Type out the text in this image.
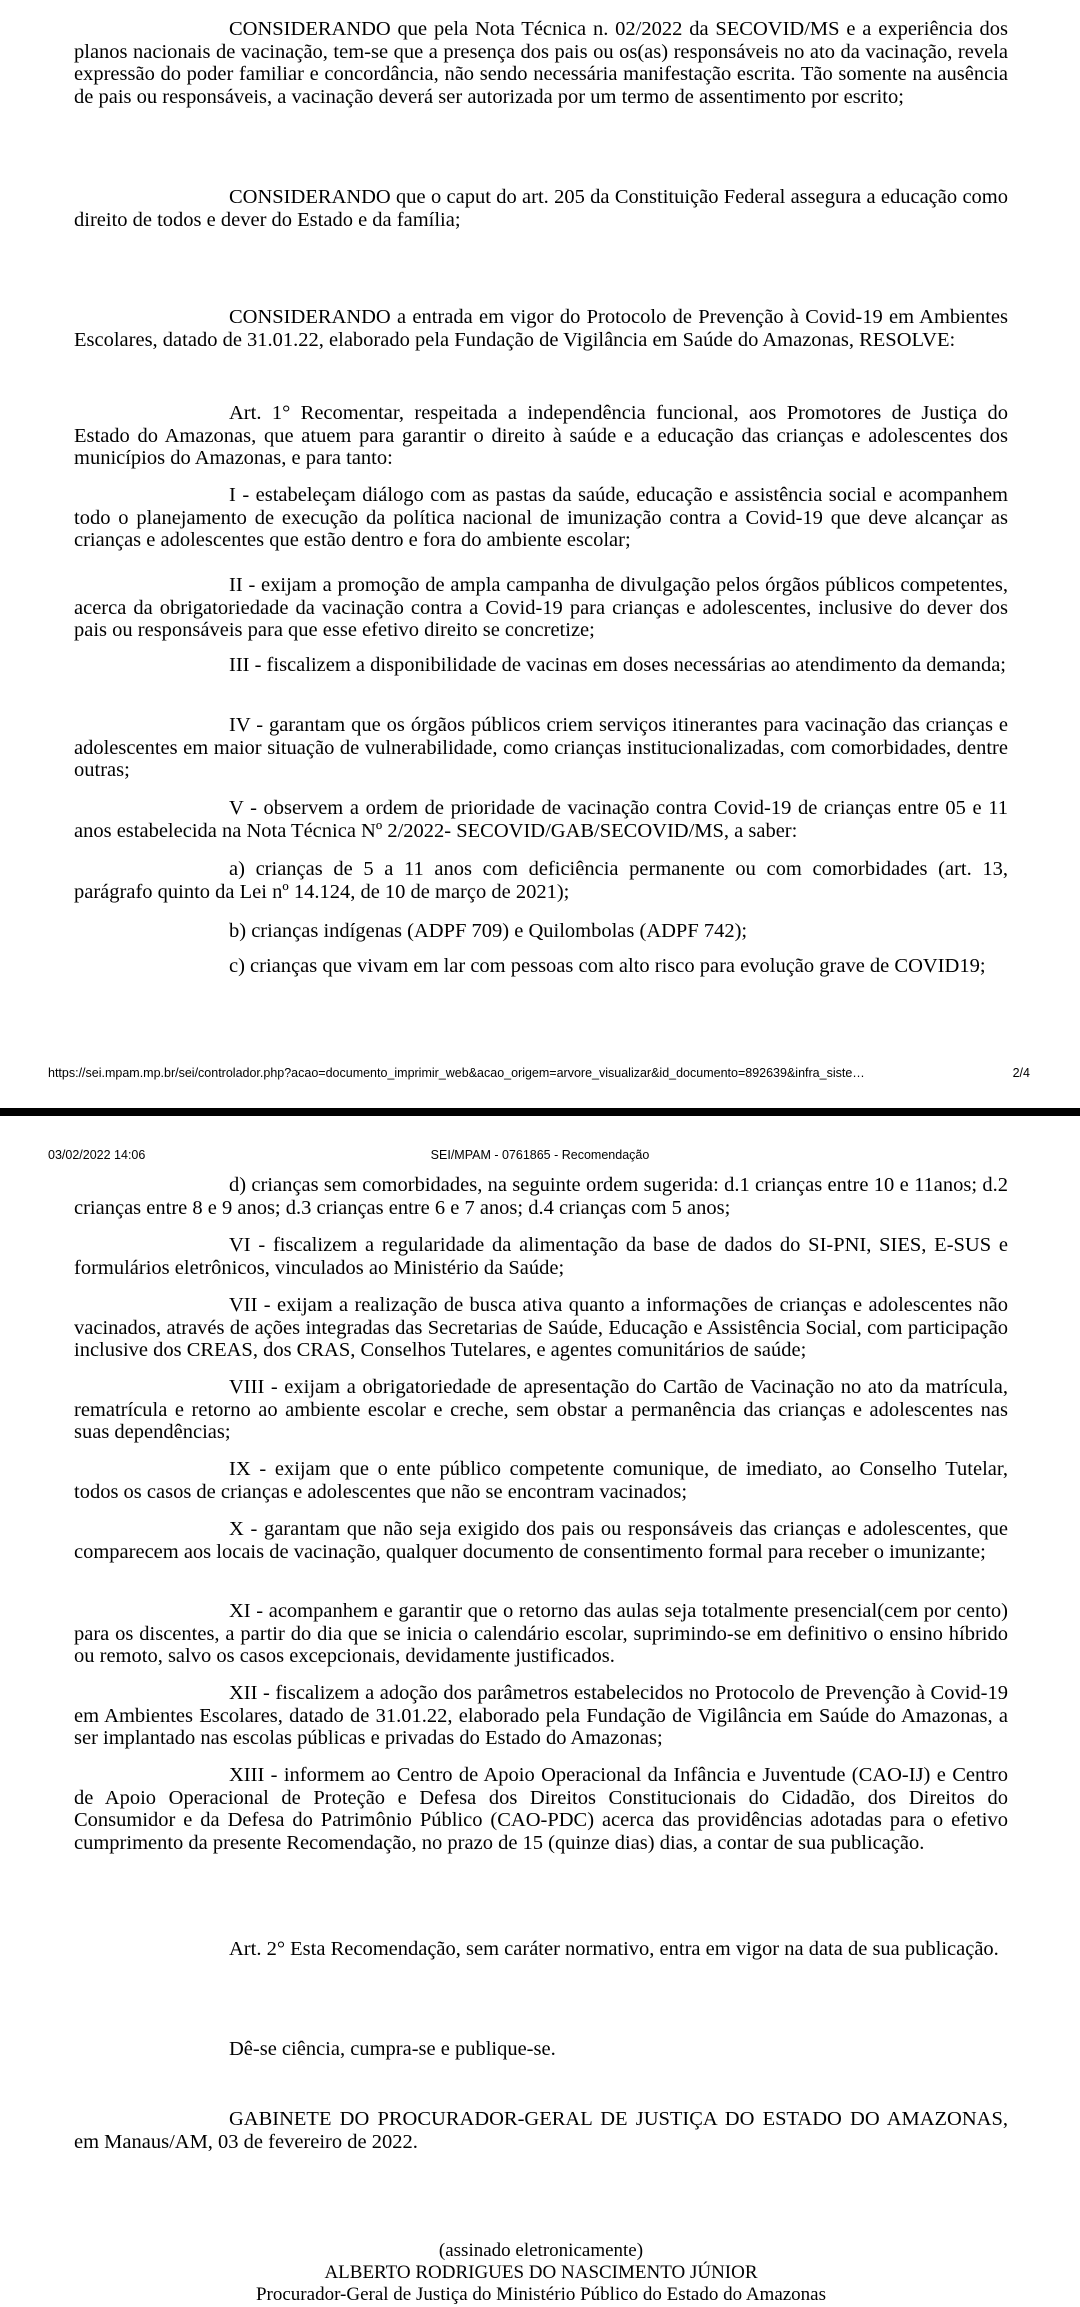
CONSIDERANDO que pela Nota Técnica n. 02/2022 da SECOVID/MS e a experiência dos planos nacionais de vacinação, tem-se que a presença dos pais ou os(as) responsáveis no ato da vacinação, revela expressão do poder familiar e concordância, não sendo necessária manifestação escrita. Tão somente na ausência de pais ou responsáveis, a vacinação deverá ser autorizada por um termo de assentimento por escrito;

CONSIDERANDO que o caput do art. 205 da Constituição Federal assegura a educação como direito de todos e dever do Estado e da família;

CONSIDERANDO a entrada em vigor do Protocolo de Prevenção à Covid-19 em Ambientes Escolares, datado de 31.01.22, elaborado pela Fundação de Vigilância em Saúde do Amazonas, RESOLVE:

Art. 1° Recomentar, respeitada a independência funcional, aos Promotores de Justiça do Estado do Amazonas, que atuem para garantir o direito à saúde e a educação das crianças e adolescentes dos municípios do Amazonas, e para tanto:

I - estabeleçam diálogo com as pastas da saúde, educação e assistência social e acompanhem todo o planejamento de execução da política nacional de imunização contra a Covid-19 que deve alcançar as crianças e adolescentes que estão dentro e fora do ambiente escolar;

II - exijam a promoção de ampla campanha de divulgação pelos órgãos públicos competentes, acerca da obrigatoriedade da vacinação contra a Covid-19 para crianças e adolescentes, inclusive do dever dos pais ou responsáveis para que esse efetivo direito se concretize;

III - fiscalizem a disponibilidade de vacinas em doses necessárias ao atendimento da demanda;

IV - garantam que os órgãos públicos criem serviços itinerantes para vacinação das crianças e adolescentes em maior situação de vulnerabilidade, como crianças institucionalizadas, com comorbidades, dentre outras;

V - observem a ordem de prioridade de vacinação contra Covid-19 de crianças entre 05 e 11 anos estabelecida na Nota Técnica Nº 2/2022- SECOVID/GAB/SECOVID/MS, a saber:

a) crianças de 5 a 11 anos com deficiência permanente ou com comorbidades (art. 13, parágrafo quinto da Lei nº 14.124, de 10 de março de 2021);

b) crianças indígenas (ADPF 709) e Quilombolas (ADPF 742);

c) crianças que vivam em lar com pessoas com alto risco para evolução grave de COVID19;

https://sei.mpam.mp.br/sei/controlador.php?acao=documento_imprimir_web&acao_origem=arvore_visualizar&id_documento=892639&infra_siste…	2/4
03/02/2022 14:06	SEI/MPAM - 0761865 - Recomendação

d) crianças sem comorbidades, na seguinte ordem sugerida: d.1 crianças entre 10 e 11anos; d.2 crianças entre 8 e 9 anos; d.3 crianças entre 6 e 7 anos; d.4 crianças com 5 anos;

VI - fiscalizem a regularidade da alimentação da base de dados do SI-PNI, SIES, E-SUS e formulários eletrônicos, vinculados ao Ministério da Saúde;

VII - exijam a realização de busca ativa quanto a informações de crianças e adolescentes não vacinados, através de ações integradas das Secretarias de Saúde, Educação e Assistência Social, com participação inclusive dos CREAS, dos CRAS, Conselhos Tutelares, e agentes comunitários de saúde;

VIII - exijam a obrigatoriedade de apresentação do Cartão de Vacinação no ato da matrícula, rematrícula e retorno ao ambiente escolar e creche, sem obstar a permanência das crianças e adolescentes nas suas dependências;

IX - exijam que o ente público competente comunique, de imediato, ao Conselho Tutelar, todos os casos de crianças e adolescentes que não se encontram vacinados;

X - garantam que não seja exigido dos pais ou responsáveis das crianças e adolescentes, que comparecem aos locais de vacinação, qualquer documento de consentimento formal para receber o imunizante;

XI - acompanhem e garantir que o retorno das aulas seja totalmente presencial(cem por cento) para os discentes, a partir do dia que se inicia o calendário escolar, suprimindo-se em definitivo o ensino híbrido ou remoto, salvo os casos excepcionais, devidamente justificados.

XII - fiscalizem a adoção dos parâmetros estabelecidos no Protocolo de Prevenção à Covid-19 em Ambientes Escolares, datado de 31.01.22, elaborado pela Fundação de Vigilância em Saúde do Amazonas, a ser implantado nas escolas públicas e privadas do Estado do Amazonas;

XIII - informem ao Centro de Apoio Operacional da Infância e Juventude (CAO-IJ) e Centro de Apoio Operacional de Proteção e Defesa dos Direitos Constitucionais do Cidadão, dos Direitos do Consumidor e da Defesa do Patrimônio Público (CAO-PDC) acerca das providências adotadas para o efetivo cumprimento da presente Recomendação, no prazo de 15 (quinze dias) dias, a contar de sua publicação.

Art. 2° Esta Recomendação, sem caráter normativo, entra em vigor na data de sua publicação.

Dê-se ciência, cumpra-se e publique-se.

GABINETE DO PROCURADOR-GERAL DE JUSTIÇA DO ESTADO DO AMAZONAS, em Manaus/AM, 03 de fevereiro de 2022.

(assinado eletronicamente)
ALBERTO RODRIGUES DO NASCIMENTO JÚNIOR
Procurador-Geral de Justiça do Ministério Público do Estado do Amazonas
